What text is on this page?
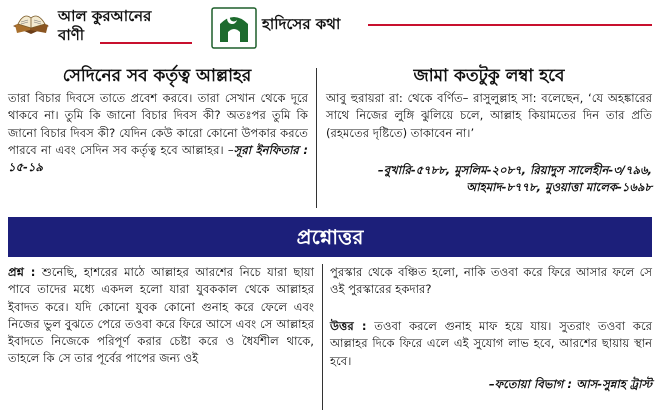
আল কুরআনের
বাণী
হাদিসের কথা
সেদিনের সব কর্তৃত্ব আল্লাহর

তারা বিচার দিবসে তাতে প্রবেশ করবে। তারা সেখান থেকে দূরে থাকবে না। তুমি কি জানো বিচার দিবস কী? অতঃপর তুমি কি জানো বিচার দিবস কী? যেদিন কেউ কারো কোনো উপকার করতে পারবে না এবং সেদিন সব কর্তৃত্ব হবে আল্লাহর। –সূরা ইনফিতার : ১৫-১৯

জামা কতটুকু লম্বা হবে
আবু হুরায়রা রা: থেকে বর্ণিত– রাসুলুল্লাহ সা: বলেছেন, ‘যে অহঙ্কারের সাথে নিজের লুঙ্গি ঝুলিয়ে চলে, আল্লাহ কিয়ামতের দিন তার প্রতি (রহমতের দৃষ্টিতে) তাকাবেন না।’
–বুখারি-৫৭৮৮, মুসলিম-২০৮৭, রিয়াদুস সালেহীন-৩/৭৯৬, আহমাদ-৮৭৭৮, মুওয়াত্তা মালেক-১৬৯৮
প্রশ্নোত্তর

প্রশ্ন : শুনেছি, হাশরের মাঠে আল্লাহর আরশের নিচে যারা ছায়া পাবে তাদের মধ্যে একদল হলো যারা যুবককাল থেকে আল্লাহর ইবাদত করে। যদি কোনো যুবক কোনো গুনাহ করে ফেলে এবং নিজের ভুল বুঝতে পেরে তওবা করে ফিরে আসে এবং সে আল্লাহর ইবাদতে নিজেকে পরিপূর্ণ করার চেষ্টা করে ও ধৈর্যশীল থাকে, তাহলে কি সে তার পূর্বের পাপের জন্য ওই

পুরস্কার থেকে বঞ্চিত হলো, নাকি তওবা করে ফিরে আসার ফলে সে ওই পুরস্কারের হকদার?

উত্তর : তওবা করলে গুনাহ মাফ হয়ে যায়। সুতরাং তওবা করে আল্লাহর দিকে ফিরে এলে এই সুযোগ লাভ হবে, আরশের ছায়ায় স্থান হবে।

–ফতোয়া বিভাগ : আস-সুন্নাহ ট্রাস্ট
